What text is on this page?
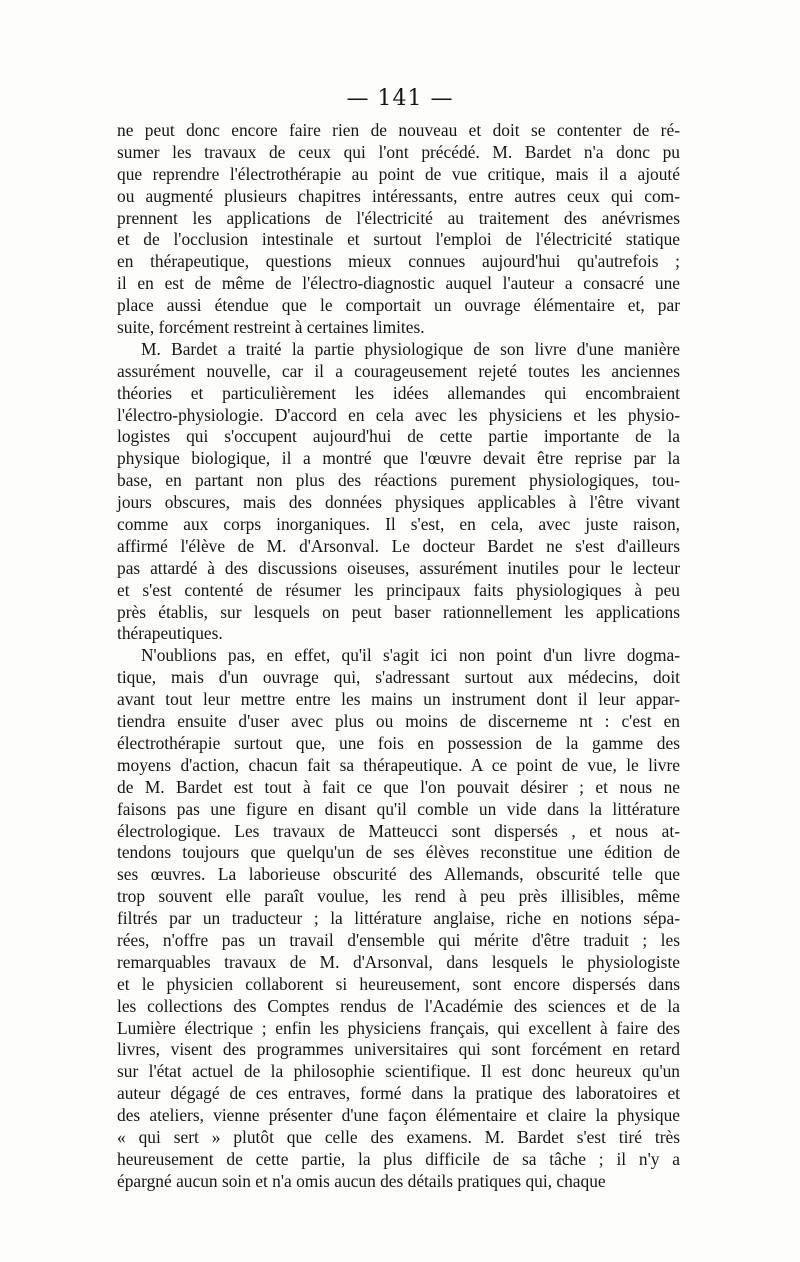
— 141 —
ne peut donc encore faire rien de nouveau et doit se contenter de ré-
sumer les travaux de ceux qui l'ont précédé. M. Bardet n'a donc pu
que reprendre l'électrothérapie au point de vue critique, mais il a ajouté
ou augmenté plusieurs chapitres intéressants, entre autres ceux qui com-
prennent les applications de l'électricité au traitement des anévrismes
et de l'occlusion intestinale et surtout l'emploi de l'électricité statique
en thérapeutique, questions mieux connues aujourd'hui qu'autrefois ;
il en est de même de l'électro-diagnostic auquel l'auteur a consacré une
place aussi étendue que le comportait un ouvrage élémentaire et, par
suite, forcément restreint à certaines limites.
M. Bardet a traité la partie physiologique de son livre d'une manière
assurément nouvelle, car il a courageusement rejeté toutes les anciennes
théories et particulièrement les idées allemandes qui encombraient
l'électro-physiologie. D'accord en cela avec les physiciens et les physio-
logistes qui s'occupent aujourd'hui de cette partie importante de la
physique biologique, il a montré que l'œuvre devait être reprise par la
base, en partant non plus des réactions purement physiologiques, tou-
jours obscures, mais des données physiques applicables à l'être vivant
comme aux corps inorganiques. Il s'est, en cela, avec juste raison,
affirmé l'élève de M. d'Arsonval. Le docteur Bardet ne s'est d'ailleurs
pas attardé à des discussions oiseuses, assurément inutiles pour le lecteur
et s'est contenté de résumer les principaux faits physiologiques à peu
près établis, sur lesquels on peut baser rationnellement les applications
thérapeutiques.
N'oublions pas, en effet, qu'il s'agit ici non point d'un livre dogma-
tique, mais d'un ouvrage qui, s'adressant surtout aux médecins, doit
avant tout leur mettre entre les mains un instrument dont il leur appar-
tiendra ensuite d'user avec plus ou moins de discerneme nt : c'est en
électrothérapie surtout que, une fois en possession de la gamme des
moyens d'action, chacun fait sa thérapeutique. A ce point de vue, le livre
de M. Bardet est tout à fait ce que l'on pouvait désirer ; et nous ne
faisons pas une figure en disant qu'il comble un vide dans la littérature
électrologique. Les travaux de Matteucci sont dispersés , et nous at-
tendons toujours que quelqu'un de ses élèves reconstitue une édition de
ses œuvres. La laborieuse obscurité des Allemands, obscurité telle que
trop souvent elle paraît voulue, les rend à peu près illisibles, même
filtrés par un traducteur ; la littérature anglaise, riche en notions sépa-
rées, n'offre pas un travail d'ensemble qui mérite d'être traduit ; les
remarquables travaux de M. d'Arsonval, dans lesquels le physiologiste
et le physicien collaborent si heureusement, sont encore dispersés dans
les collections des Comptes rendus de l'Académie des sciences et de la
Lumière électrique ; enfin les physiciens français, qui excellent à faire des
livres, visent des programmes universitaires qui sont forcément en retard
sur l'état actuel de la philosophie scientifique. Il est donc heureux qu'un
auteur dégagé de ces entraves, formé dans la pratique des laboratoires et
des ateliers, vienne présenter d'une façon élémentaire et claire la physique
« qui sert » plutôt que celle des examens. M. Bardet s'est tiré très
heureusement de cette partie, la plus difficile de sa tâche ; il n'y a
épargné aucun soin et n'a omis aucun des détails pratiques qui, chaque
